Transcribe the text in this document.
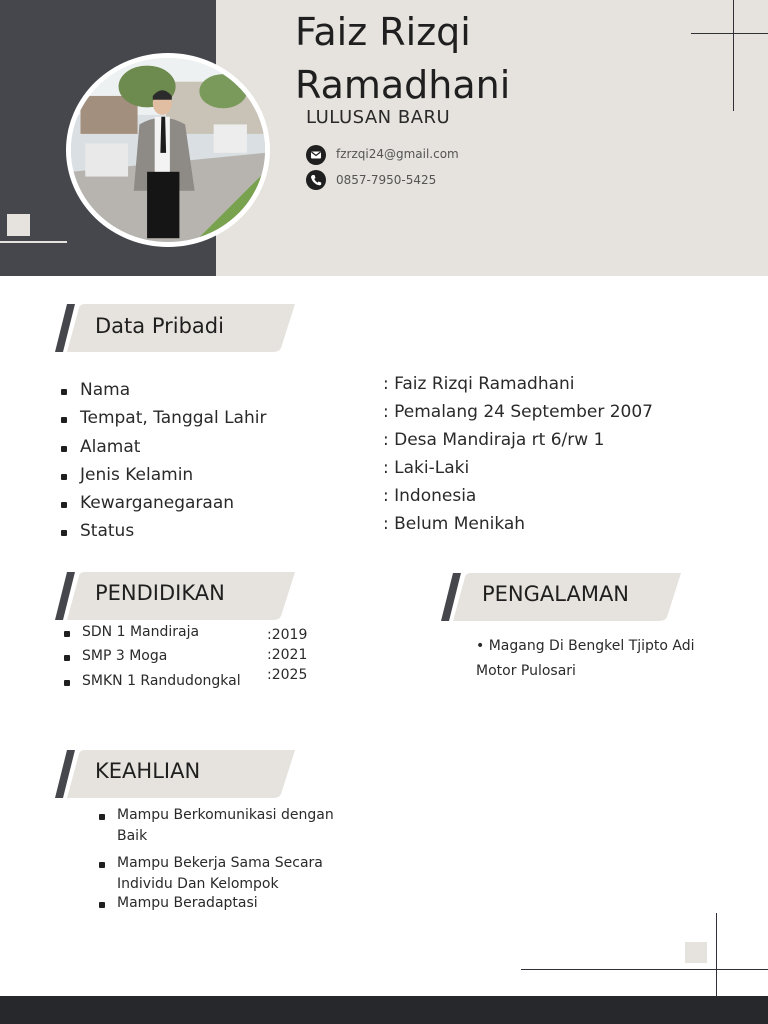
Faiz Rizqi
Ramadhani
LULUSAN BARU
fzrzqi24@gmail.com
0857-7950-5425
Data Pribadi
Nama
Tempat, Tanggal Lahir
Alamat
Jenis Kelamin
Kewarganegaraan
Status
: Faiz Rizqi Ramadhani
: Pemalang 24 September 2007
: Desa Mandiraja rt 6/rw 1
: Laki-Laki
: Indonesia
: Belum Menikah
PENDIDIKAN
SDN 1 Mandiraja	:2019
SMP 3 Moga	:2021
SMKN 1 Randudongkal :2025
PENGALAMAN
• Magang Di Bengkel Tjipto Adi
Motor Pulosari
KEAHLIAN
Mampu Berkomunikasi dengan
Baik
Mampu Bekerja Sama Secara
Individu Dan Kelompok
Mampu Beradaptasi
